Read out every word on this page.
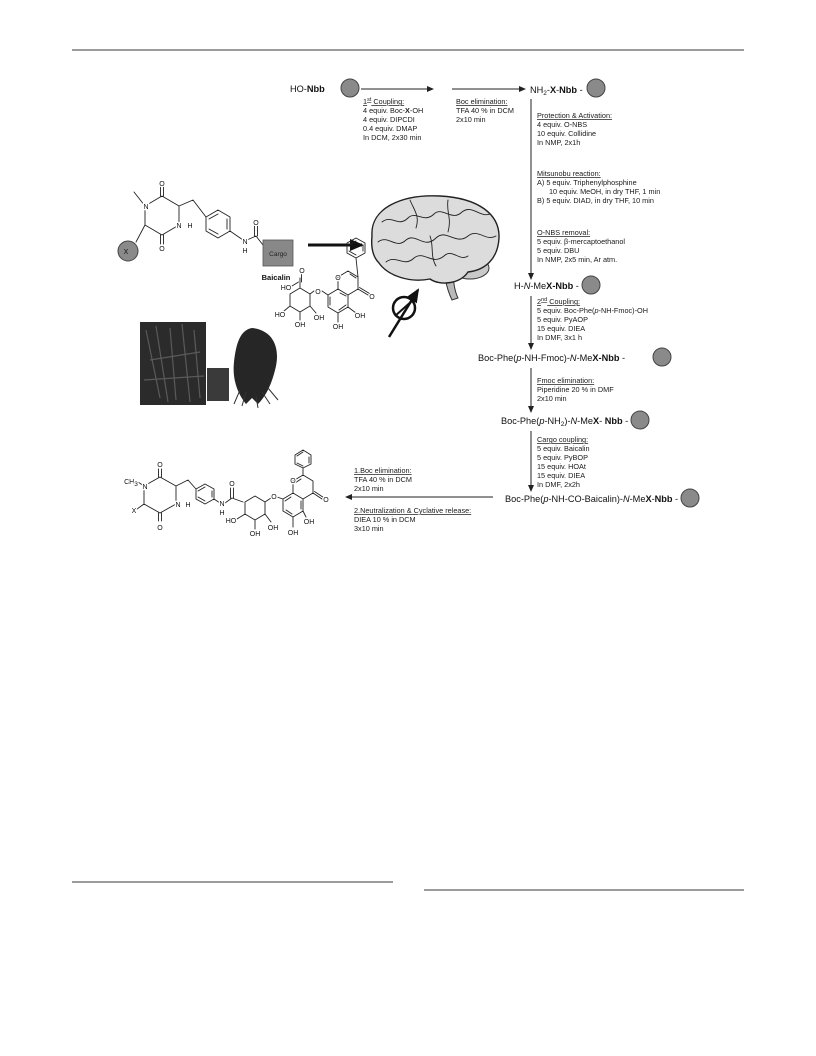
HO-Nbb
1st Coupling: 4 equiv. Boc-X-OH 4 equiv. DIPCDI 0.4 equiv. DMAP In DCM, 2x30 min
Boc elimination: TFA 40 % in DCM 2x10 min
$NH_2-X$-Nbb -
Protection & Activation: 4 equiv. O-NBS 10 equiv. Collidine In NMP, 2x1h
Mitsunobu reaction: A) 5 equiv. Triphenylphosphine 10 equiv. MeOH, in dry THF, 1 min B) 5 equiv. DIAD, in dry THF, 10 min
O-NBS removal: 5 equiv. β-mercaptoethanol 5 equiv. DBU In NMP, 2x5 min, Ar atm.
H-N-MeX-Nbb -
2nd Coupling: 5 equiv. Boc-Phe(p-NH-Fmoc)-OH 5 equiv. PyAOP 15 equiv. DIEA In DMF, 3x1 h
Boc-Phe(p-NH-Fmoc)-N-MeX-Nbb -
Fmoc elimination: Piperidine 20 % in DMF 2x10 min
Boc-$Phe(p-NH_2)-N-MeX-$ Nbb -
Cargo coupling: 5 equiv. Baicalin 5 equiv. PyBOP 15 equiv. HOAt 15 equiv. DIEA In DMF, 2x2h
Boc-Phe(p-NH-CO-Baicalin)-N-MeX-Nbb -
1.Boc elimination: TFA 40 % in DCM 2x10 min
2.Neutralization & Cyclative release: DIEA 10 % in DCM 3x10 min
O
N
N H
O
X
N
H
O
Cargo
Baicalin	O
O
O
HO
O
HO
OH
OH
OH
OH
O
N
CH3
X
O
N H	N
H
O
HO
OH
OH
O
O
O
OH
OH
